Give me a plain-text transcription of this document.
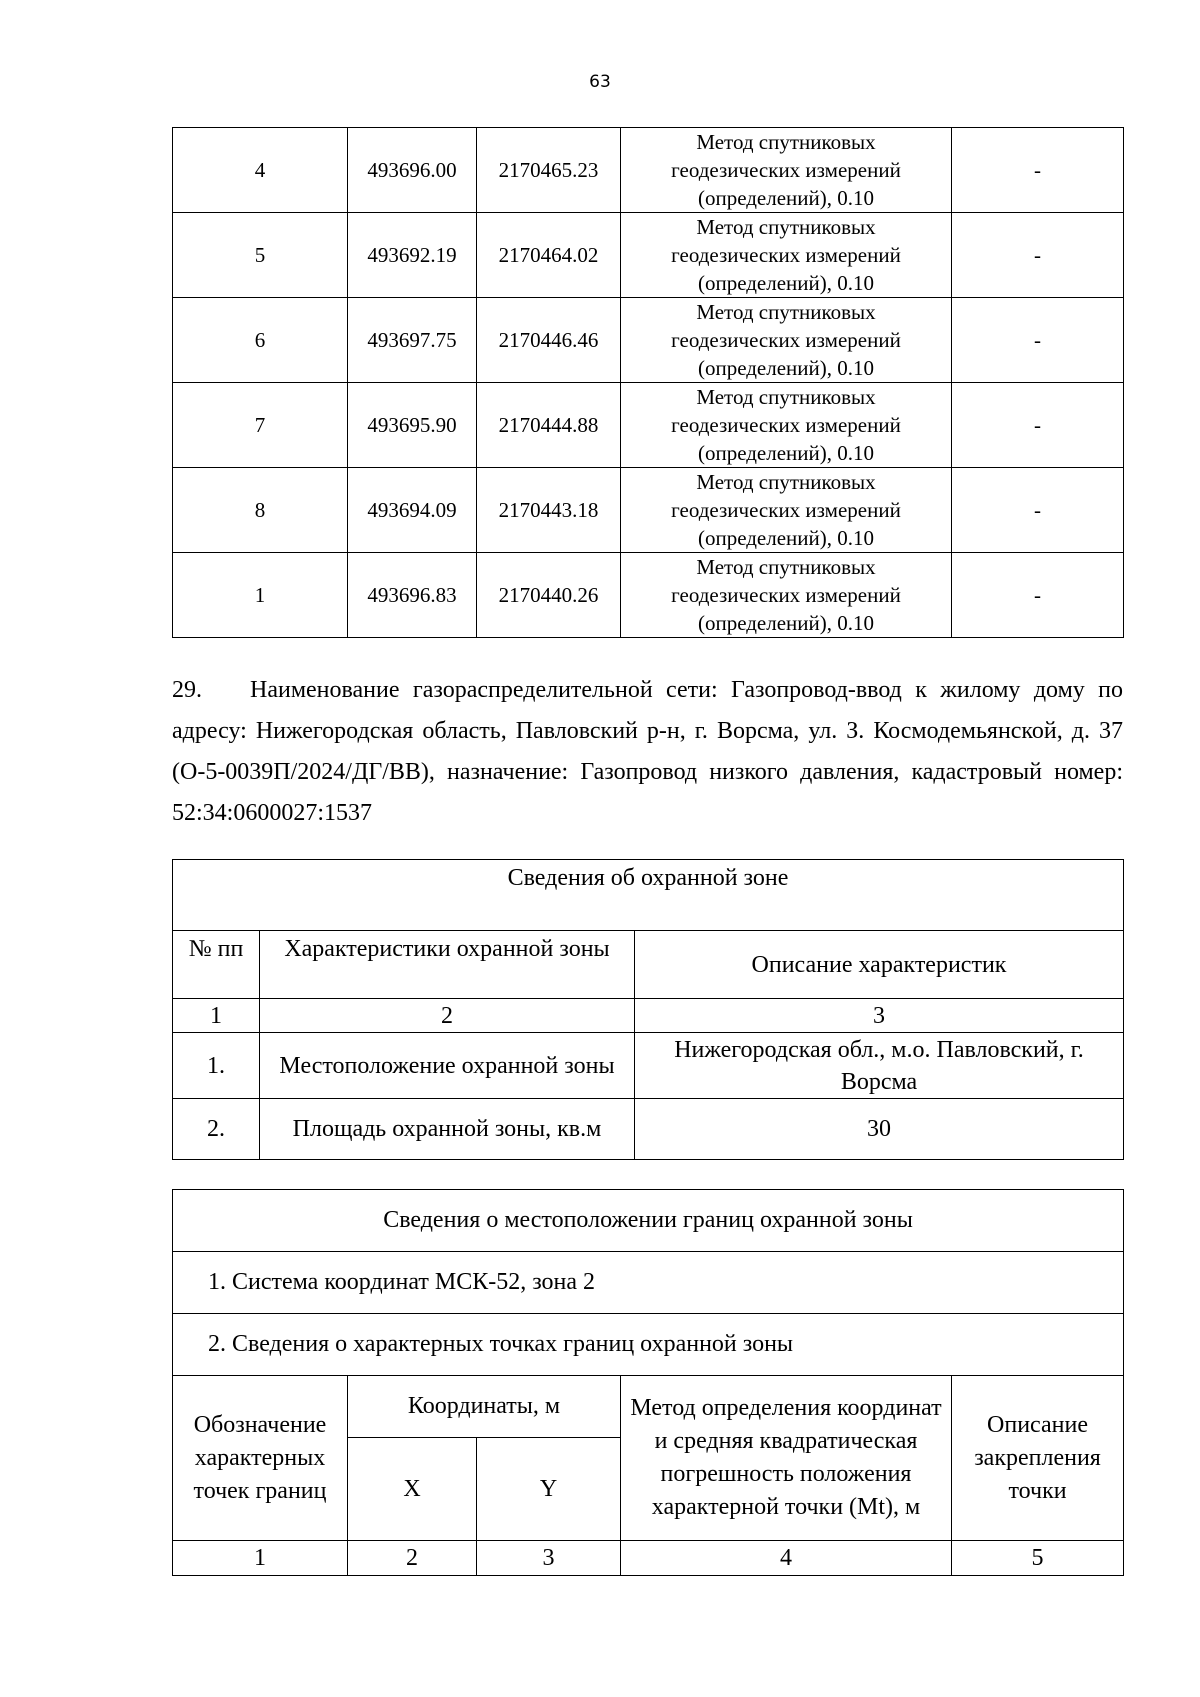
63
4	493696.00	2170465.23	Метод спутниковых
геодезических измерений
(определений), 0.10	-
5	493692.19	2170464.02	Метод спутниковых
геодезических измерений
(определений), 0.10	-
6	493697.75	2170446.46	Метод спутниковых
геодезических измерений
(определений), 0.10	-
7	493695.90	2170444.88	Метод спутниковых
геодезических измерений
(определений), 0.10	-
8	493694.09	2170443.18	Метод спутниковых
геодезических измерений
(определений), 0.10	-
1	493696.83	2170440.26	Метод спутниковых
геодезических измерений
(определений), 0.10	-
29. Наименование газораспределительной сети: Газопровод-ввод к жилому дому по адресу: Нижегородская область, Павловский р-н, г. Ворсма, ул. З. Космодемьянской, д. 37 (О-5-0039П/2024/ДГ/ВВ), назначение: Газопровод низкого давления, кадастровый номер: 52:34:0600027:1537
Сведения об охранной зоне		
№ пп	Характеристики охранной зоны	Описание характеристик
1	2	3
1.	Местоположение охранной зоны	Нижегородская обл., м.о. Павловский, г. Ворсма
2.	Площадь охранной зоны, кв.м	30
Сведения о местоположении границ охранной зоны				
1. Система координат МСК-52, зона 2				
2. Сведения о характерных точках границ охранной зоны				
Обозначение характерных точек границ	Координаты, м		Метод определения координат и средняя квадратическая погрешность положения характерной точки (Mt), м	Описание закрепления точки
	X	Y		
1	2	3	4	5
